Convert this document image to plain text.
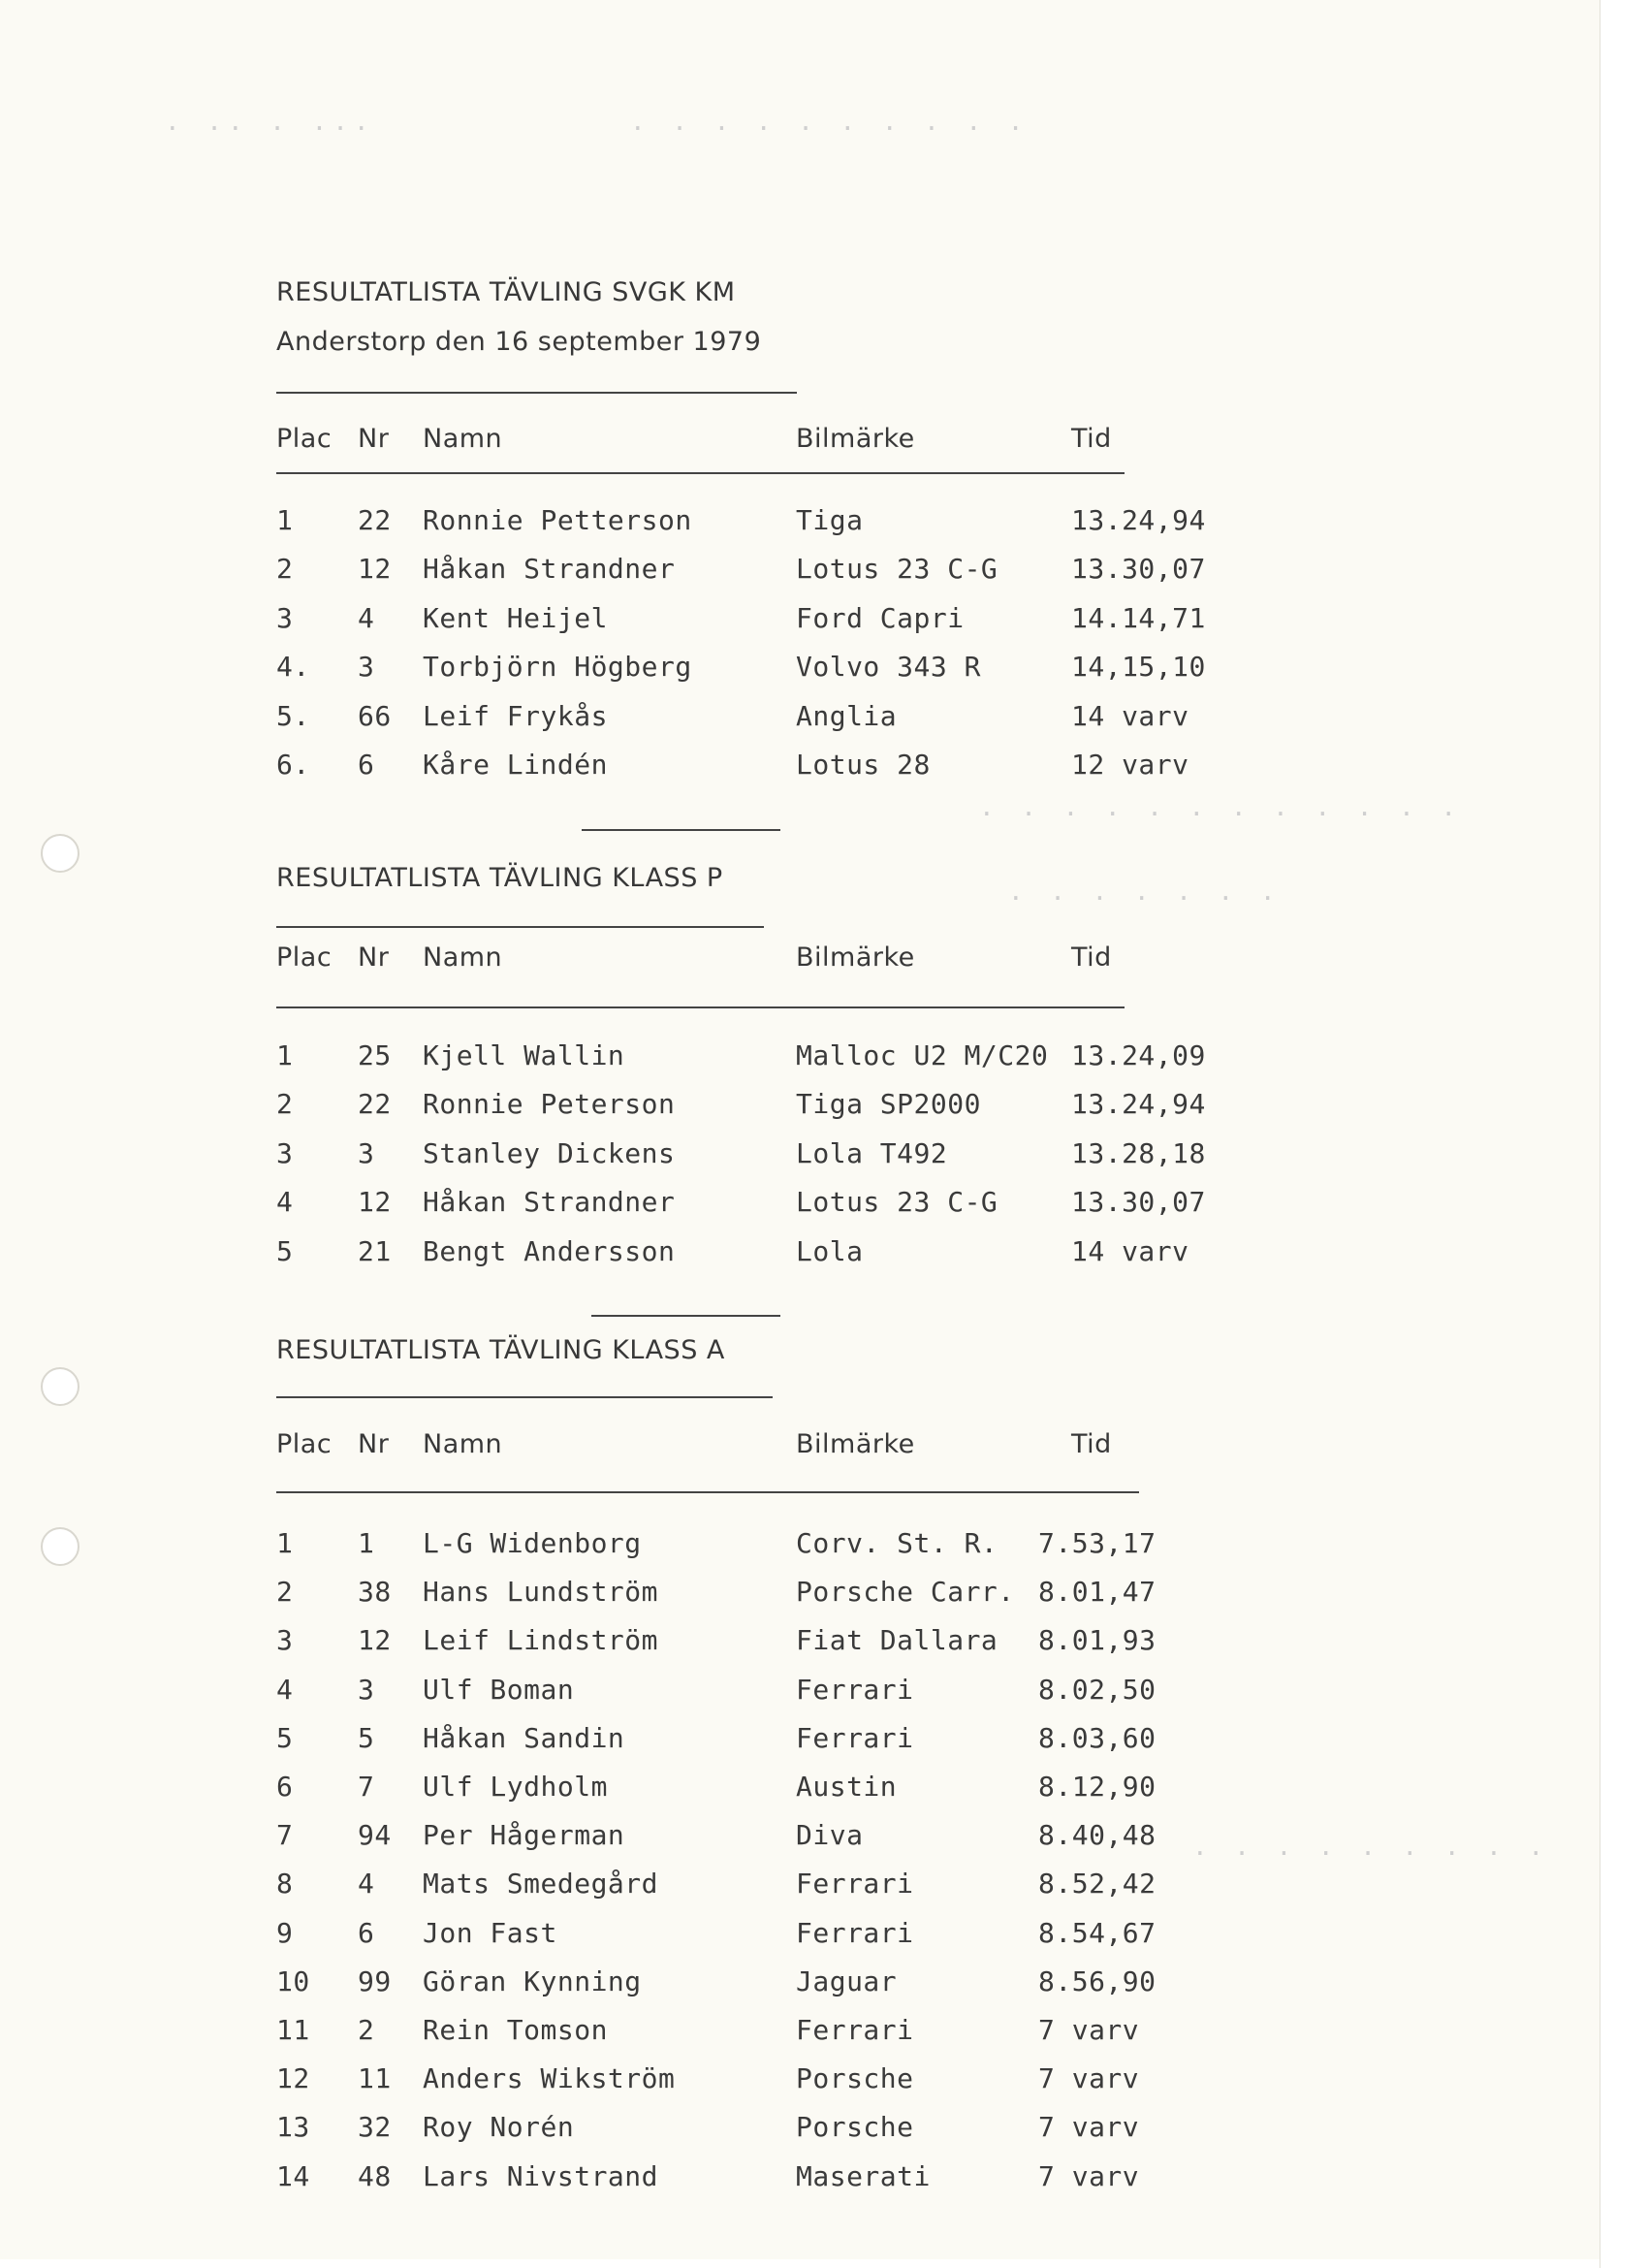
· ·· · ···	· · · · · · · · · ·
· · · · · · · · · · · ·
· · · · · · ·
· · · · · · · · ·
RESULTATLISTA TÄVLING SVGK KM
Anderstorp den 16 september 1979
Plac Nr Namn	Bilmärke	Tid
1 22 Ronnie Petterson	Tiga	13.24,94
2 12 Håkan Strandner	Lotus 23 C-G	13.30,07
3 4 Kent Heijel	Ford Capri	14.14,71
4. 3 Torbjörn Högberg	Volvo 343 R	14,15,10
5. 66 Leif Frykås	Anglia	14 varv
6. 6 Kåre Lindén	Lotus 28	12 varv
RESULTATLISTA TÄVLING KLASS P
Plac Nr Namn	Bilmärke	Tid
1 25 Kjell Wallin	Malloc U2 M/C20 13.24,09
2 22 Ronnie Peterson	Tiga SP2000	13.24,94
3 3 Stanley Dickens	Lola T492	13.28,18
4 12 Håkan Strandner	Lotus 23 C-G	13.30,07
5 21 Bengt Andersson	Lola	14 varv
RESULTATLISTA TÄVLING KLASS A
Plac Nr Namn	Bilmärke	Tid
1 1 L-G Widenborg	Corv. St. R. 7.53,17
2 38 Hans Lundström	Porsche Carr. 8.01,47
3 12 Leif Lindström	Fiat Dallara 8.01,93
4 3 Ulf Boman	Ferrari	8.02,50
5 5 Håkan Sandin	Ferrari	8.03,60
6 7 Ulf Lydholm	Austin	8.12,90
7 94 Per Hågerman	Diva	8.40,48
8 4 Mats Smedegård	Ferrari	8.52,42
9 6 Jon Fast	Ferrari	8.54,67
10 99 Göran Kynning	Jaguar	8.56,90
11 2 Rein Tomson	Ferrari	7 varv
12 11 Anders Wikström	Porsche	7 varv
13 32 Roy Norén	Porsche	7 varv
14 48 Lars Nivstrand	Maserati	7 varv
